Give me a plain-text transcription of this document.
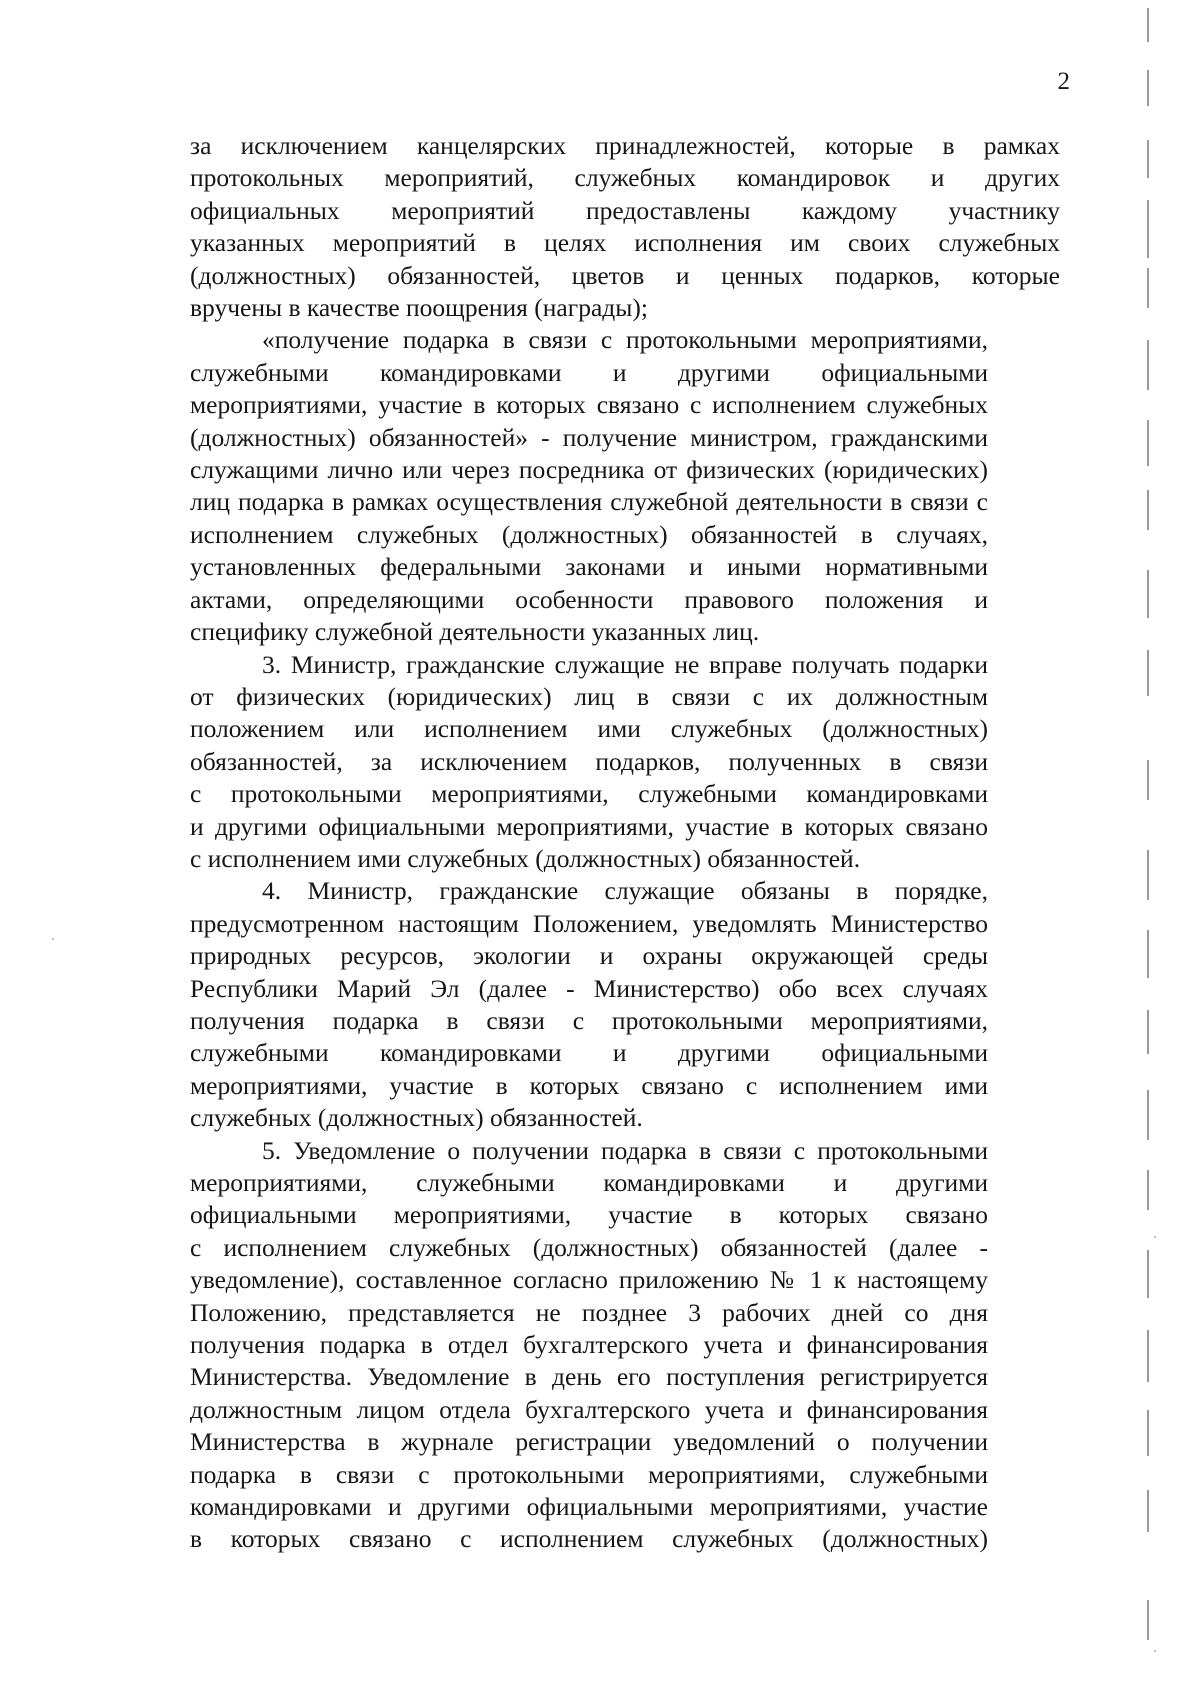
2
за исключением канцелярских принадлежностей, которые в рамках
протокольных мероприятий, служебных командировок и других
официальных мероприятий предоставлены каждому участнику
указанных мероприятий в целях исполнения им своих служебных
(должностных) обязанностей, цветов и ценных подарков, которые
вручены в качестве поощрения (награды);
«получение подарка в связи с протокольными мероприятиями,
служебными командировками и другими официальными
мероприятиями, участие в которых связано с исполнением служебных
(должностных) обязанностей» - получение министром, гражданскими
служащими лично или через посредника от физических (юридических)
лиц подарка в рамках осуществления служебной деятельности в связи с
исполнением служебных (должностных) обязанностей в случаях,
установленных федеральными законами и иными нормативными
актами, определяющими особенности правового положения и
специфику служебной деятельности указанных лиц.
3. Министр, гражданские служащие не вправе получать подарки
от физических (юридических) лиц в связи с их должностным
положением или исполнением ими служебных (должностных)
обязанностей, за исключением подарков, полученных в связи
с протокольными мероприятиями, служебными командировками
и другими официальными мероприятиями, участие в которых связано
с исполнением ими служебных (должностных) обязанностей.
4. Министр, гражданские служащие обязаны в порядке,
предусмотренном настоящим Положением, уведомлять Министерство
природных ресурсов, экологии и охраны окружающей среды
Республики Марий Эл (далее - Министерство) обо всех случаях
получения подарка в связи с протокольными мероприятиями,
служебными командировками и другими официальными
мероприятиями, участие в которых связано с исполнением ими
служебных (должностных) обязанностей.
5. Уведомление о получении подарка в связи с протокольными
мероприятиями, служебными командировками и другими
официальными мероприятиями, участие в которых связано
с исполнением служебных (должностных) обязанностей (далее -
уведомление), составленное согласно приложению № 1 к настоящему
Положению, представляется не позднее 3 рабочих дней со дня
получения подарка в отдел бухгалтерского учета и финансирования
Министерства. Уведомление в день его поступления регистрируется
должностным лицом отдела бухгалтерского учета и финансирования
Министерства в журнале регистрации уведомлений о получении
подарка в связи с протокольными мероприятиями, служебными
командировками и другими официальными мероприятиями, участие
в которых связано с исполнением служебных (должностных)
